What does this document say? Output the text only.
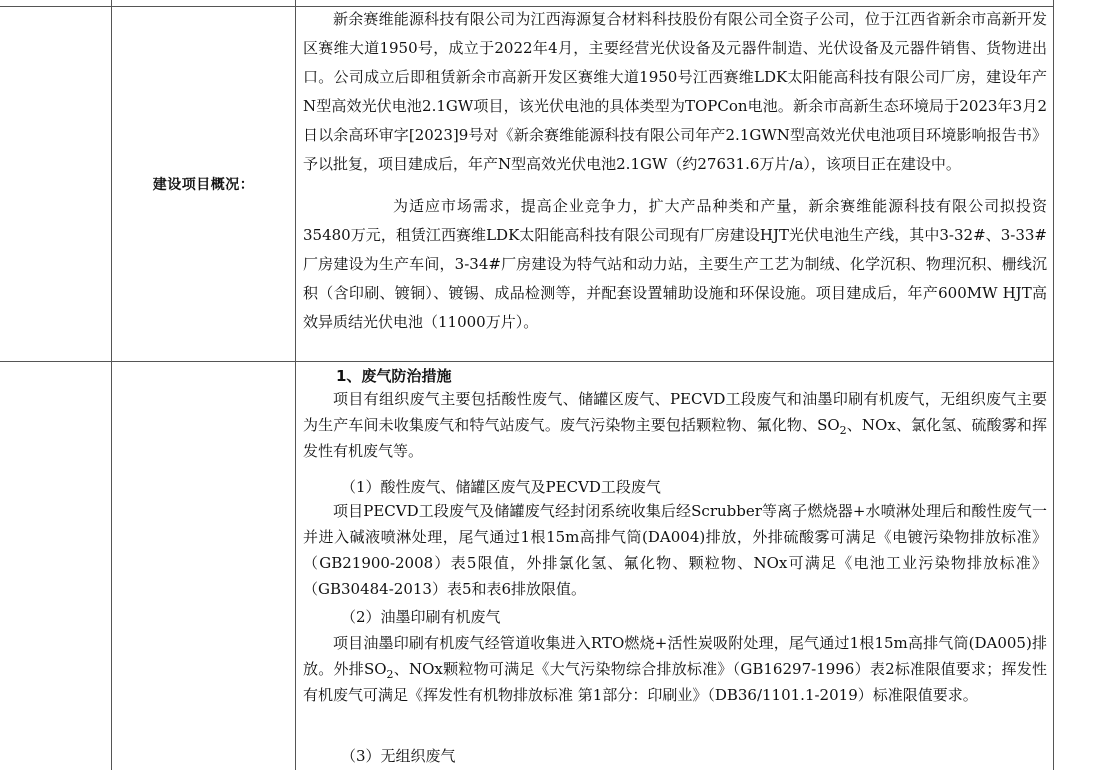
建设项目概况：

新余赛维能源科技有限公司为江西海源复合材料科技股份有限公司全资子公司，位于江西省新余市高新开发区赛维大道1950号，成立于2022年4月，主要经营光伏设备及元器件制造、光伏设备及元器件销售、货物进出口。公司成立后即租赁新余市高新开发区赛维大道1950号江西赛维LDK太阳能高科技有限公司厂房，建设年产N型高效光伏电池2.1GW项目，该光伏电池的具体类型为TOPCon电池。新余市高新生态环境局于2023年3月2日以余高环审字[2023]9号对《新余赛维能源科技有限公司年产2.1GWN型高效光伏电池项目环境影响报告书》予以批复，项目建成后，年产N型高效光伏电池2.1GW（约27631.6万片/a），该项目正在建设中。

为适应市场需求，提高企业竞争力，扩大产品种类和产量，新余赛维能源科技有限公司拟投资35480万元，租赁江西赛维LDK太阳能高科技有限公司现有厂房建设HJT光伏电池生产线，其中3-32#、3-33#厂房建设为生产车间，3-34#厂房建设为特气站和动力站，主要生产工艺为制绒、化学沉积、物理沉积、栅线沉积（含印刷、镀铜）、镀锡、成品检测等，并配套设置辅助设施和环保设施。项目建成后，年产600MW HJT高效异质结光伏电池（11000万片）。

1、废气防治措施

项目有组织废气主要包括酸性废气、储罐区废气、PECVD工段废气和油墨印刷有机废气，无组织废气主要为生产车间未收集废气和特气站废气。废气污染物主要包括颗粒物、氟化物、$SO_2$、NOx、氯化氢、硫酸雾和挥发性有机废气等。

（1）酸性废气、储罐区废气及PECVD工段废气

项目PECVD工段废气及储罐废气经封闭系统收集后经Scrubber等离子燃烧器+水喷淋处理后和酸性废气一并进入碱液喷淋处理，尾气通过1根15m高排气筒(DA004)排放，外排硫酸雾可满足《电镀污染物排放标准》（GB21900-2008）表5限值，外排氯化氢、氟化物、颗粒物、NOx可满足《电池工业污染物排放标准》（GB30484-2013）表5和表6排放限值。

（2）油墨印刷有机废气

项目油墨印刷有机废气经管道收集进入RTO燃烧+活性炭吸附处理，尾气通过1根15m高排气筒(DA005)排放。外排$SO_2$、NOx颗粒物可满足《大气污染物综合排放标准》（GB16297-1996）表2标准限值要求；挥发性有机废气可满足《挥发性有机物排放标准 第1部分：印刷业》（DB36/1101.1-2019）标准限值要求。

（3）无组织废气
